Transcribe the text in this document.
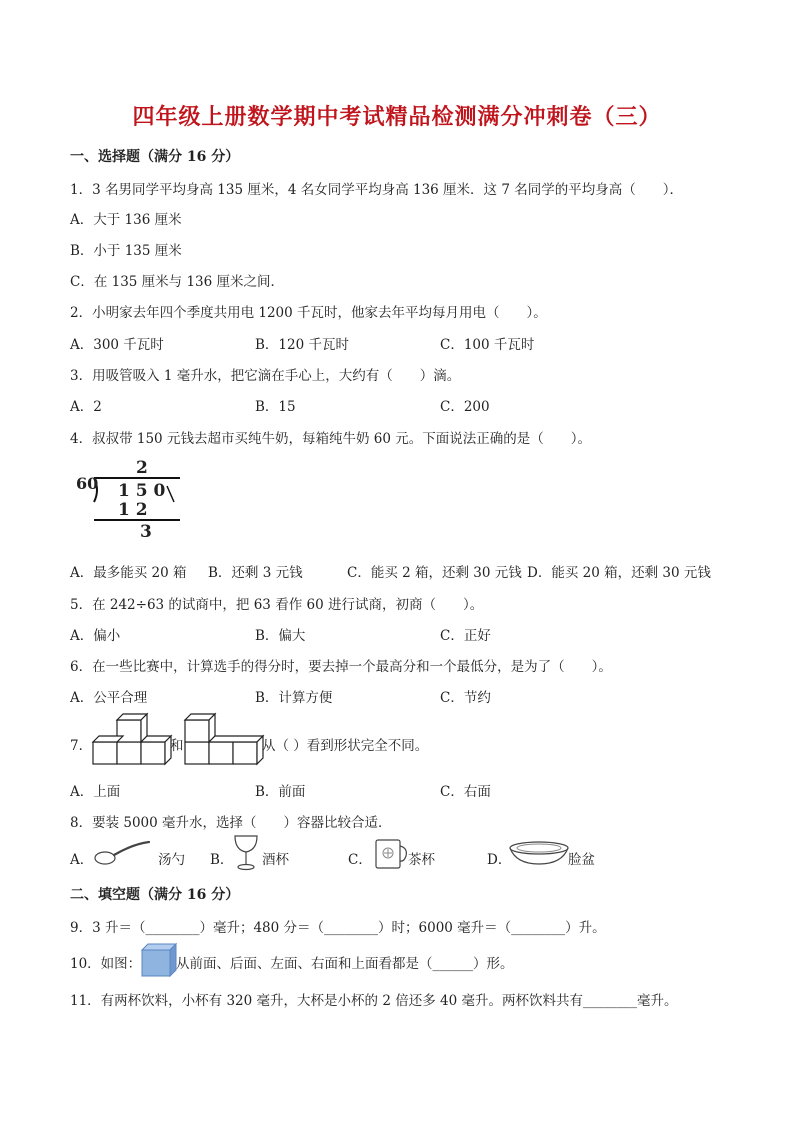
四年级上册数学期中考试精品检测满分冲刺卷（三）
一、选择题（满分 16 分）
1．3 名男同学平均身高 135 厘米，4 名女同学平均身高 136 厘米．这 7 名同学的平均身高（　　）．
A．大于 136 厘米
B．小于 135 厘米
C．在 135 厘米与 136 厘米之间．
2．小明家去年四个季度共用电 1200 千瓦时，他家去年平均每月用电（　　）。
A．300 千瓦时	B．120 千瓦时	C．100 千瓦时
3．用吸管吸入 1 毫升水，把它滴在手心上，大约有（　　）滴。
A．2	B．15	C．200
4．叔叔带 150 元钱去超市买纯牛奶，每箱纯牛奶 60 元。下面说法正确的是（　　）。
2
60 1 5 0
1 2
3
A．最多能买 20 箱 B．还剩 3 元钱	C．能买 2 箱，还剩 30 元钱 D．能买 20 箱，还剩 30 元钱
5．在 242÷63 的试商中，把 63 看作 60 进行试商，初商（　　）。
A．偏小	B．偏大	C．正好
6．在一些比赛中，计算选手的得分时，要去掉一个最高分和一个最低分，是为了（　　）。
A．公平合理	B．计算方便	C．节约
7．	和	从（ ）看到形状完全不同。
A．上面	B．前面	C．右面
8．要装 5000 毫升水，选择（　　）容器比较合适．
A．	汤勺 B． 酒杯	C．	茶杯	D．	脸盆
二、填空题（满分 16 分）
9．3 升＝（________）毫升；480 分＝（________）时；6000 毫升＝（________）升。
10．如图：	从前面、后面、左面、右面和上面看都是（______）形。
11．有两杯饮料，小杯有 320 毫升，大杯是小杯的 2 倍还多 40 毫升。两杯饮料共有________毫升。
